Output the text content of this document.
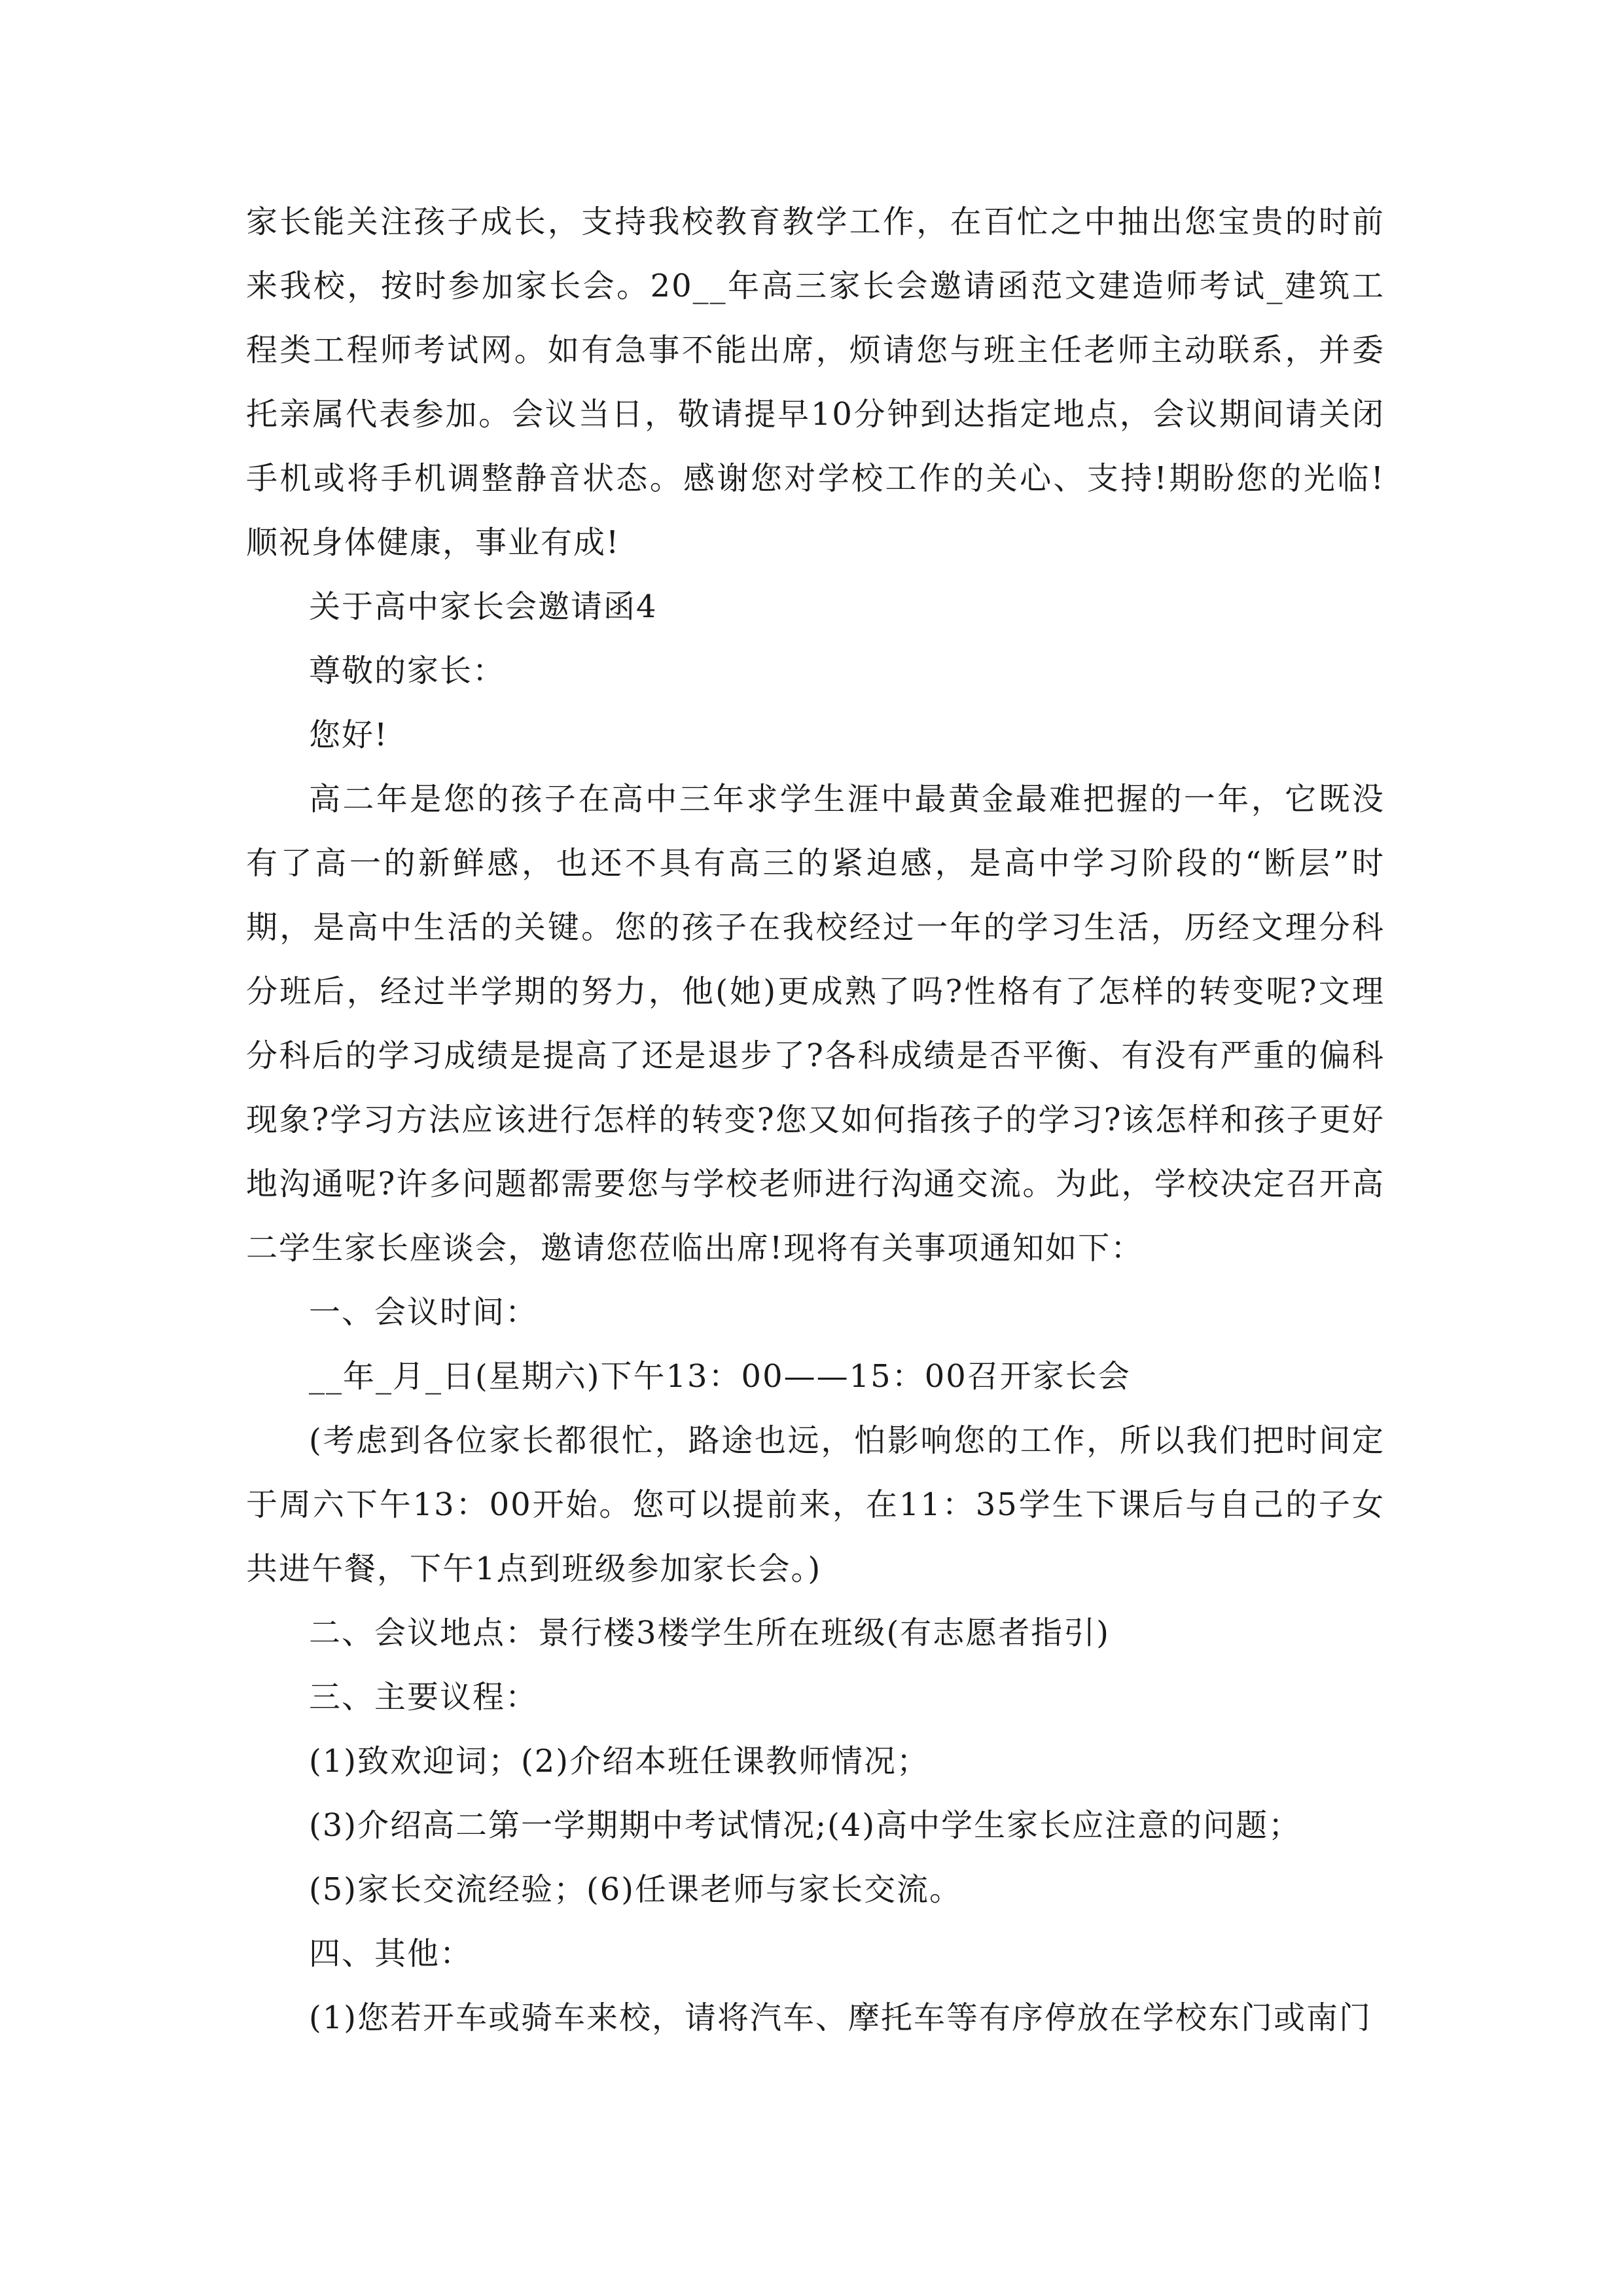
家长能关注孩子成长，支持我校教育教学工作，在百忙之中抽出您宝贵的时前来我校，按时参加家长会。20__年高三家长会邀请函范文建造师考试_建筑工程类工程师考试网。如有急事不能出席，烦请您与班主任老师主动联系，并委托亲属代表参加。会议当日，敬请提早10分钟到达指定地点，会议期间请关闭手机或将手机调整静音状态。感谢您对学校工作的关心、支持!期盼您的光临!顺祝身体健康，事业有成!

关于高中家长会邀请函4

尊敬的家长：

您好!

高二年是您的孩子在高中三年求学生涯中最黄金最难把握的一年，它既没有了高一的新鲜感，也还不具有高三的紧迫感，是高中学习阶段的“断层”时期，是高中生活的关键。您的孩子在我校经过一年的学习生活，历经文理分科分班后，经过半学期的努力，他(她)更成熟了吗?性格有了怎样的转变呢?文理分科后的学习成绩是提高了还是退步了?各科成绩是否平衡、有没有严重的偏科现象?学习方法应该进行怎样的转变?您又如何指孩子的学习?该怎样和孩子更好地沟通呢?许多问题都需要您与学校老师进行沟通交流。为此，学校决定召开高二学生家长座谈会，邀请您莅临出席!现将有关事项通知如下：

一、会议时间：

__年_月_日(星期六)下午13：00——15：00召开家长会

(考虑到各位家长都很忙，路途也远，怕影响您的工作，所以我们把时间定于周六下午13：00开始。您可以提前来，在11：35学生下课后与自己的子女共进午餐，下午1点到班级参加家长会。)

二、会议地点：景行楼3楼学生所在班级(有志愿者指引)

三、主要议程：

(1)致欢迎词；(2)介绍本班任课教师情况；

(3)介绍高二第一学期期中考试情况;(4)高中学生家长应注意的问题；

(5)家长交流经验；(6)任课老师与家长交流。

四、其他：

(1)您若开车或骑车来校，请将汽车、摩托车等有序停放在学校东门或南门
